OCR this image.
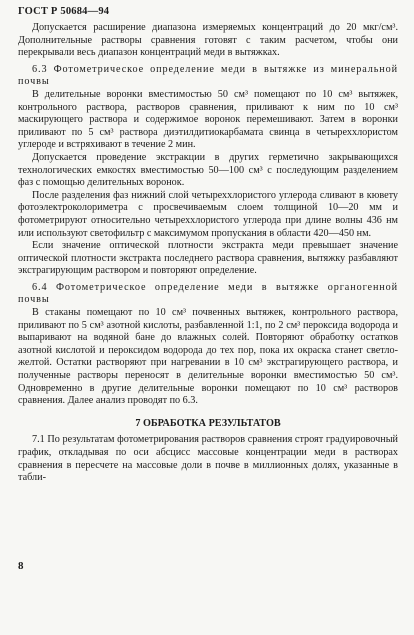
ГОСТ Р 50684—94

Допускается расширение диапазона измеряемых концентраций до 20 мкг/см³. Дополнительные растворы сравнения готовят с таким расчетом, чтобы они перекрывали весь диапазон концентраций меди в вытяжках.

6.3 Фотометрическое определение меди в вытяжке из минеральной почвы

В делительные воронки вместимостью 50 см³ помещают по 10 см³ вытяжек, контрольного раствора, растворов сравнения, приливают к ним по 10 см³ маскирующего раствора и содержимое воронок перемешивают. Затем в воронки приливают по 5 см³ раствора диэтилдитиокарбамата свинца в четыреххлористом углероде и встряхивают в течение 2 мин.

Допускается проведение экстракции в других герметично закрывающихся технологических емкостях вместимостью 50—100 см³ с последующим разделением фаз с помощью делительных воронок.

После разделения фаз нижний слой четыреххлористого углерода сливают в кювету фотоэлектроколориметра с просвечиваемым слоем толщиной 10—20 мм и фотометрируют относительно четыреххлористого углерода при длине волны 436 нм или используют светофильтр с максимумом пропускания в области 420—450 нм.

Если значение оптической плотности экстракта меди превышает значение оптической плотности экстракта последнего раствора сравнения, вытяжку разбавляют экстрагирующим раствором и повторяют определение.

6.4 Фотометрическое определение меди в вытяжке органогенной почвы

В стаканы помещают по 10 см³ почвенных вытяжек, контрольного раствора, приливают по 5 см³ азотной кислоты, разбавленной 1:1, по 2 см³ пероксида водорода и выпаривают на водяной бане до влажных солей. Повторяют обработку остатков азотной кислотой и пероксидом водорода до тех пор, пока их окраска станет светло-желтой. Остатки растворяют при нагревании в 10 см³ экстрагирующего раствора, и полученные растворы переносят в делительные воронки вместимостью 50 см³. Одновременно в другие делительные воронки помещают по 10 см³ растворов сравнения. Далее анализ проводят по 6.3.

7 ОБРАБОТКА РЕЗУЛЬТАТОВ

7.1 По результатам фотометрирования растворов сравнения строят градуировочный график, откладывая по оси абсцисс массовые концентрации меди в растворах сравнения в пересчете на массовые доли в почве в миллионных долях, указанные в табли-

8
